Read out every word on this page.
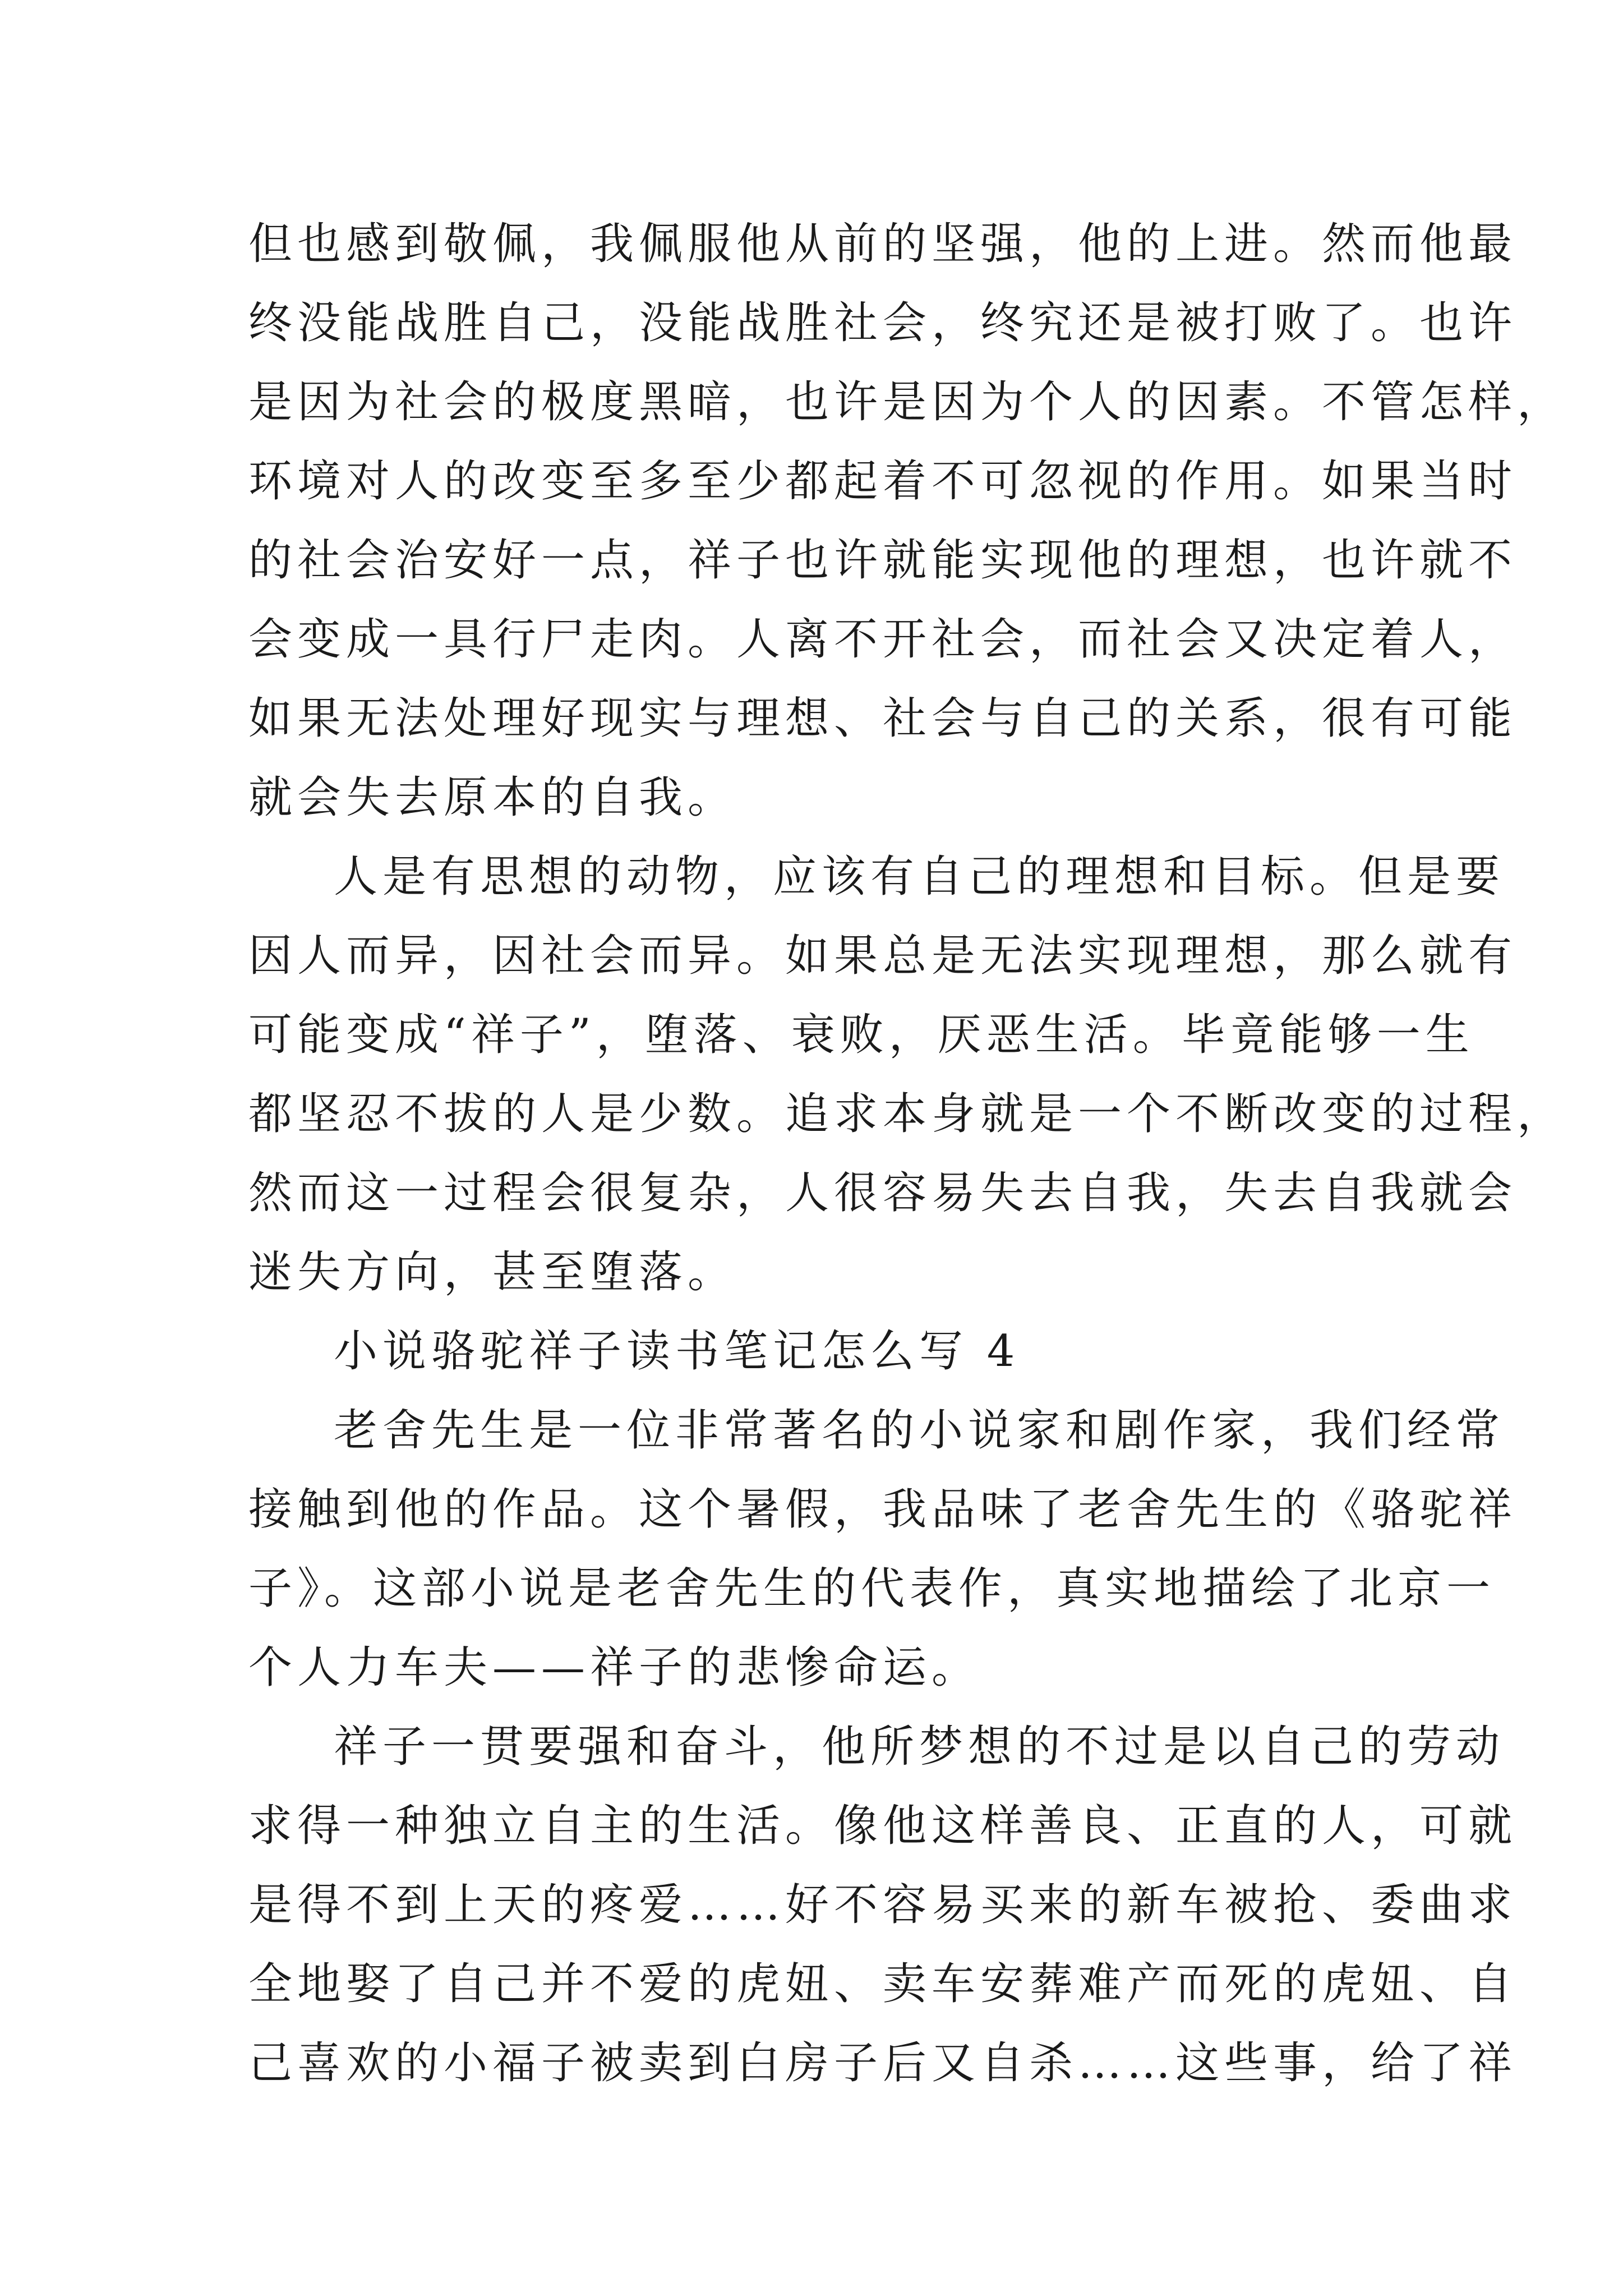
但也感到敬佩，我佩服他从前的坚强，他的上进。然而他最
终没能战胜自己，没能战胜社会，终究还是被打败了。也许
是因为社会的极度黑暗，也许是因为个人的因素。不管怎样，
环境对人的改变至多至少都起着不可忽视的作用。如果当时
的社会治安好一点，祥子也许就能实现他的理想，也许就不
会变成一具行尸走肉。人离不开社会，而社会又决定着人，
如果无法处理好现实与理想、社会与自己的关系，很有可能
就会失去原本的自我。
人是有思想的动物，应该有自己的理想和目标。但是要
因人而异，因社会而异。如果总是无法实现理想，那么就有
可能变成“祥子”，堕落、衰败，厌恶生活。毕竟能够一生
都坚忍不拔的人是少数。追求本身就是一个不断改变的过程，
然而这一过程会很复杂，人很容易失去自我，失去自我就会
迷失方向，甚至堕落。
小说骆驼祥子读书笔记怎么写 4
老舍先生是一位非常著名的小说家和剧作家，我们经常
接触到他的作品。这个暑假，我品味了老舍先生的《骆驼祥
子》。这部小说是老舍先生的代表作，真实地描绘了北京一
个人力车夫——祥子的悲惨命运。
祥子一贯要强和奋斗，他所梦想的不过是以自己的劳动
求得一种独立自主的生活。像他这样善良、正直的人，可就
是得不到上天的疼爱……好不容易买来的新车被抢、委曲求
全地娶了自己并不爱的虎妞、卖车安葬难产而死的虎妞、自
己喜欢的小福子被卖到白房子后又自杀……这些事，给了祥
